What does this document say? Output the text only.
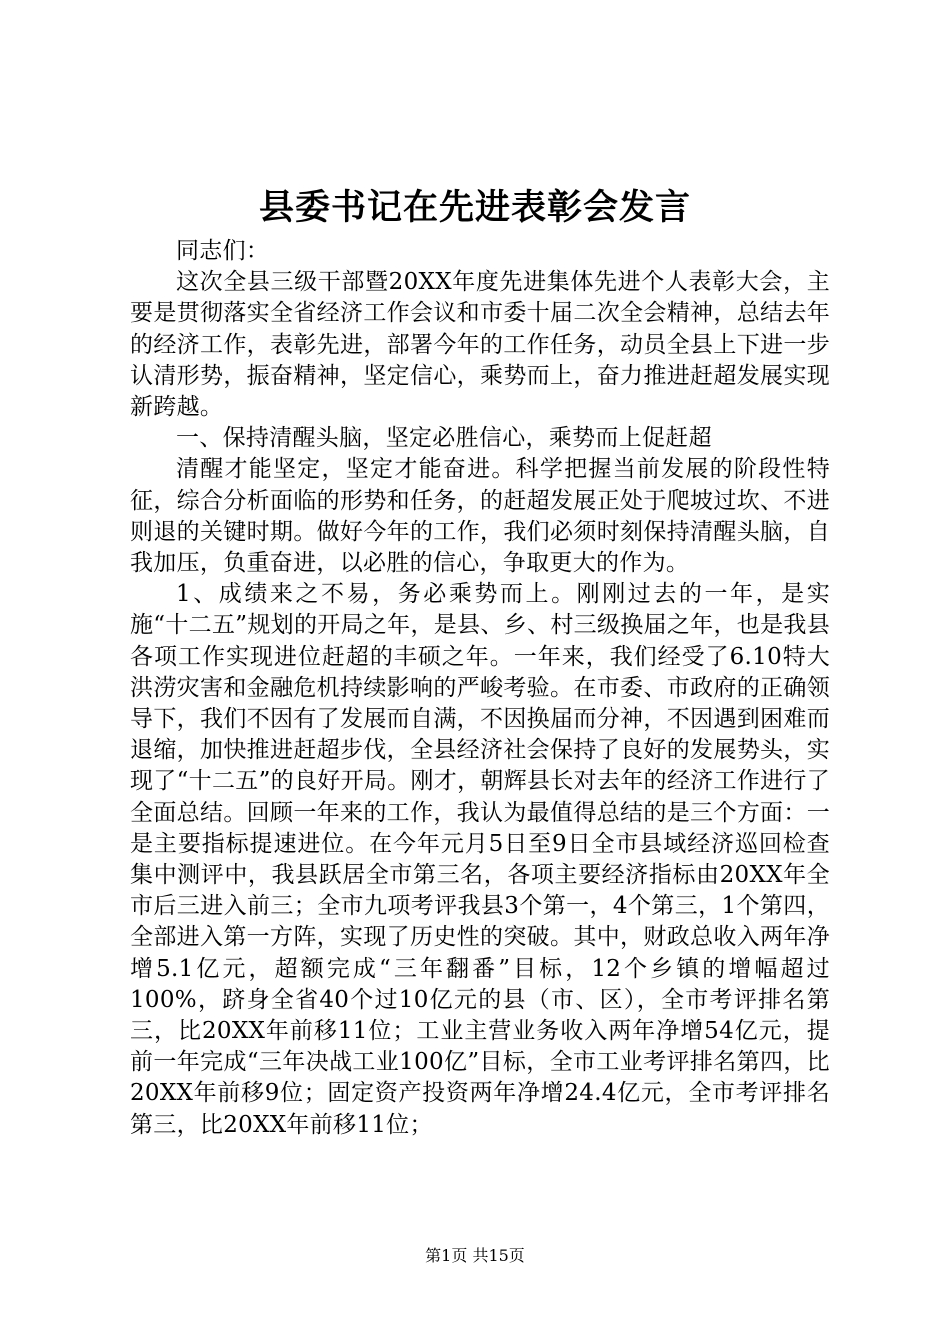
县委书记在先进表彰会发言

同志们：

这次全县三级干部暨20XX年度先进集体先进个人表彰大会，主要是贯彻落实全省经济工作会议和市委十届二次全会精神，总结去年的经济工作，表彰先进，部署今年的工作任务，动员全县上下进一步认清形势，振奋精神，坚定信心，乘势而上，奋力推进赶超发展实现新跨越。

一、保持清醒头脑，坚定必胜信心，乘势而上促赶超

清醒才能坚定，坚定才能奋进。科学把握当前发展的阶段性特征，综合分析面临的形势和任务，的赶超发展正处于爬坡过坎、不进则退的关键时期。做好今年的工作，我们必须时刻保持清醒头脑，自我加压，负重奋进，以必胜的信心，争取更大的作为。

1、成绩来之不易，务必乘势而上。刚刚过去的一年，是实施“十二五”规划的开局之年，是县、乡、村三级换届之年，也是我县各项工作实现进位赶超的丰硕之年。一年来，我们经受了6.10特大洪涝灾害和金融危机持续影响的严峻考验。在市委、市政府的正确领导下，我们不因有了发展而自满，不因换届而分神，不因遇到困难而退缩，加快推进赶超步伐，全县经济社会保持了良好的发展势头，实现了“十二五”的良好开局。刚才，朝辉县长对去年的经济工作进行了全面总结。回顾一年来的工作，我认为最值得总结的是三个方面：一是主要指标提速进位。在今年元月5日至9日全市县域经济巡回检查集中测评中，我县跃居全市第三名，各项主要经济指标由20XX年全市后三进入前三；全市九项考评我县3个第一，4个第三，1个第四，全部进入第一方阵，实现了历史性的突破。其中，财政总收入两年净增5.1亿元，超额完成“三年翻番”目标，12个乡镇的增幅超过100%，跻身全省40个过10亿元的县（市、区），全市考评排名第三，比20XX年前移11位；工业主营业务收入两年净增54亿元，提前一年完成“三年决战工业100亿”目标，全市工业考评排名第四，比20XX年前移9位；固定资产投资两年净增24.4亿元，全市考评排名第三，比20XX年前移11位；

第1页 共15页
